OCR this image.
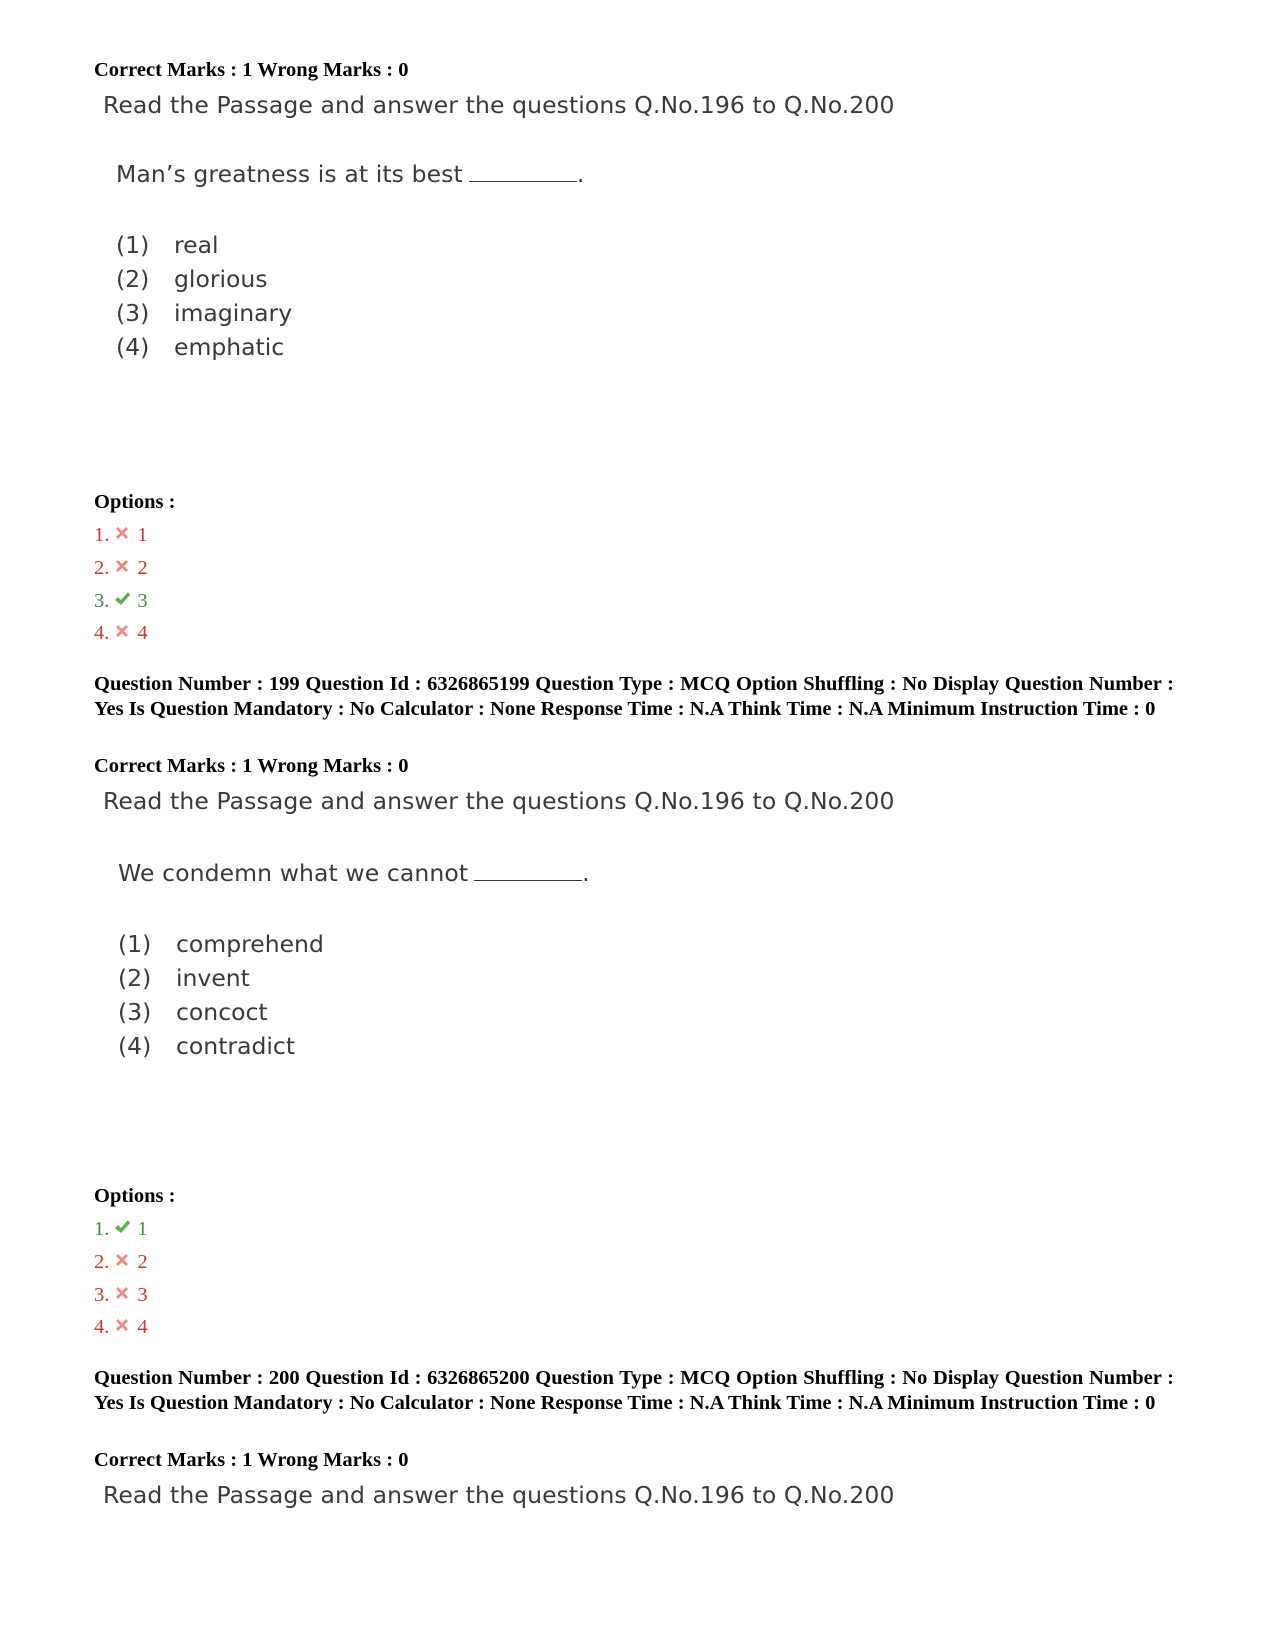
Correct Marks : 1 Wrong Marks : 0

Read the Passage and answer the questions Q.No.196 to Q.No.200

Man’s greatness is at its best	.

(1) real

(2) glorious

(3) imaginary

(4) emphatic

Options :

1. 1

2. 2

3. 3

4. 4

Question Number : 199 Question Id : 6326865199 Question Type : MCQ Option Shuffling : No Display Question Number : Yes Is Question Mandatory : No Calculator : None Response Time : N.A Think Time : N.A Minimum Instruction Time : 0

Correct Marks : 1 Wrong Marks : 0

Read the Passage and answer the questions Q.No.196 to Q.No.200

We condemn what we cannot	.

(1) comprehend

(2) invent

(3) concoct

(4) contradict

Options :

1. 1

2. 2

3. 3

4. 4

Question Number : 200 Question Id : 6326865200 Question Type : MCQ Option Shuffling : No Display Question Number : Yes Is Question Mandatory : No Calculator : None Response Time : N.A Think Time : N.A Minimum Instruction Time : 0

Correct Marks : 1 Wrong Marks : 0

Read the Passage and answer the questions Q.No.196 to Q.No.200
